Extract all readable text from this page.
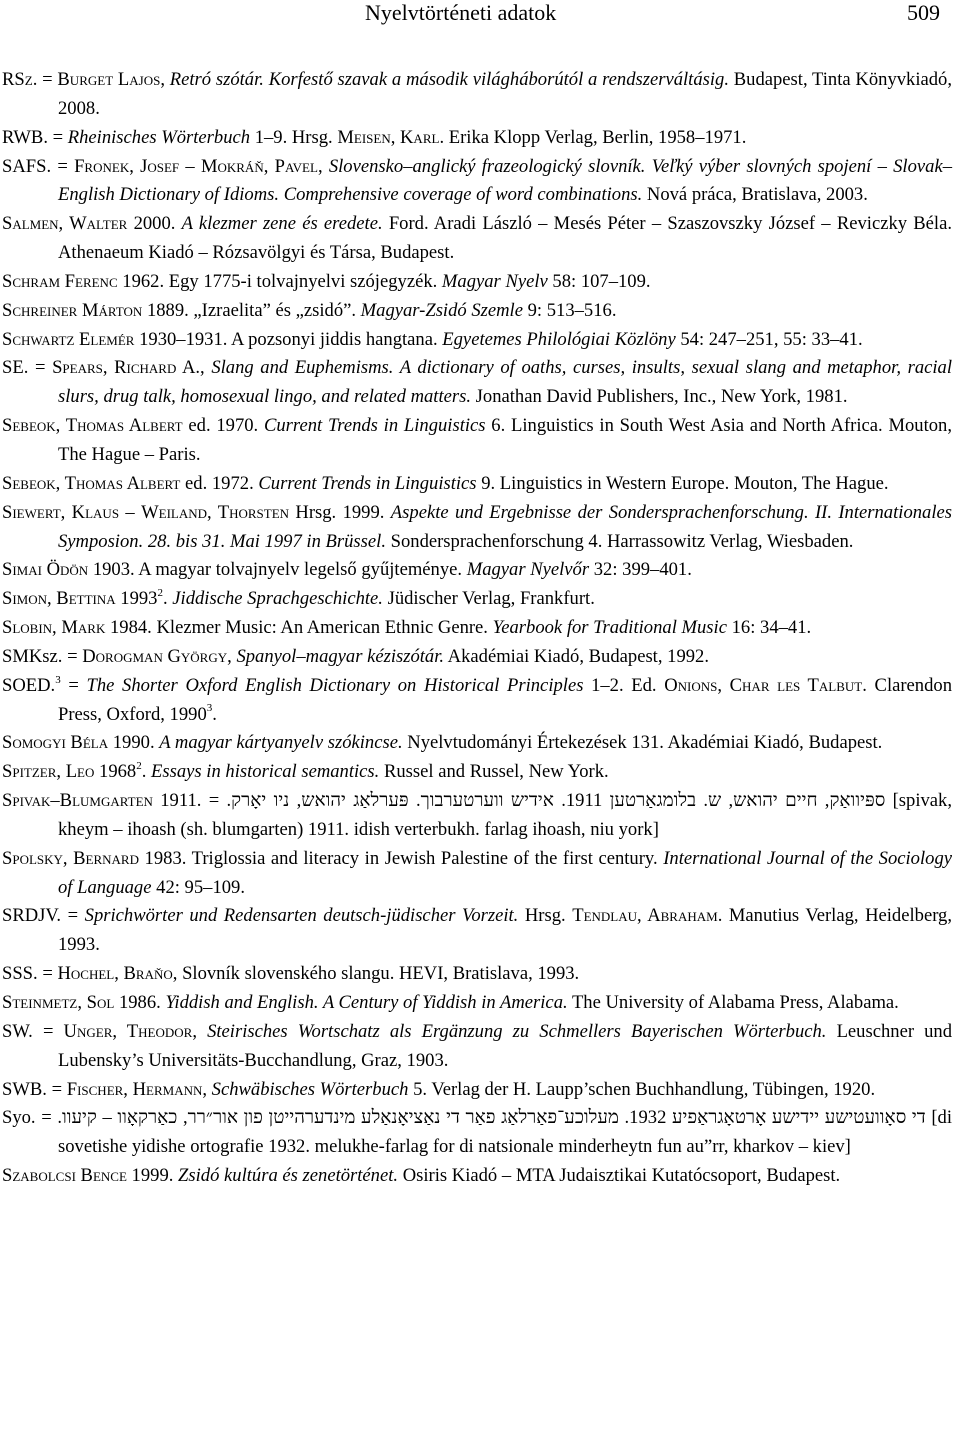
Nyelvtörténeti adatok	509
RSz. = Burget Lajos, Retró szótár. Korfestő szavak a második világháborútól a rendszerváltásig. Budapest, Tinta Könyvkiadó, 2008.
RWB. = Rheinisches Wörterbuch 1–9. Hrsg. Meisen, Karl. Erika Klopp Verlag, Berlin, 1958–1971.
SAFS. = Fronek, Josef – Mokráň, Pavel, Slovensko–anglický frazeologický slovník. Veľký výber slovných spojení – Slovak–English Dictionary of Idioms. Comprehensive coverage of word combinations. Nová práca, Bratislava, 2003.
Salmen, Walter 2000. A klezmer zene és eredete. Ford. Aradi László – Mesés Péter – Szaszovszky József – Reviczky Béla. Athenaeum Kiadó – Rózsavölgyi és Társa, Budapest.
Schram Ferenc 1962. Egy 1775-i tolvajnyelvi szójegyzék. Magyar Nyelv 58: 107–109.
Schreiner Márton 1889. „Izraelita” és „zsidó”. Magyar-Zsidó Szemle 9: 513–516.
Schwartz Elemér 1930–1931. A pozsonyi jiddis hangtana. Egyetemes Philológiai Közlöny 54: 247–251, 55: 33–41.
SE. = Spears, Richard A., Slang and Euphemisms. A dictionary of oaths, curses, insults, sexual slang and metaphor, racial slurs, drug talk, homosexual lingo, and related matters. Jonathan David Publishers, Inc., New York, 1981.
Sebeok, Thomas Albert ed. 1970. Current Trends in Linguistics 6. Linguistics in South West Asia and North Africa. Mouton, The Hague – Paris.
Sebeok, Thomas Albert ed. 1972. Current Trends in Linguistics 9. Linguistics in Western Europe. Mouton, The Hague.
Siewert, Klaus – Weiland, Thorsten Hrsg. 1999. Aspekte und Ergebnisse der Sondersprachenforschung. II. Internationales Symposion. 28. bis 31. Mai 1997 in Brüssel. Sondersprachenforschung 4. Harrassowitz Verlag, Wiesbaden.
Simai Ödön 1903. A magyar tolvajnyelv legelső gyűjteménye. Magyar Nyelvőr 32: 399–401.
Simon, Bettina 1993$^2$. Jiddische Sprachgeschichte. Jüdischer Verlag, Frankfurt.
Slobin, Mark 1984. Klezmer Music: An American Ethnic Genre. Yearbook for Traditional Music 16: 34–41.
SMKsz. = Dorogman György, Spanyol–magyar kéziszótár. Akadémiai Kiadó, Budapest, 1992.
SOED.$^3$ = The Shorter Oxford English Dictionary on Historical Principles 1–2. Ed. Onions, Char les Talbut. Clarendon Press, Oxford, 1990$^3$.
Somogyi Béla 1990. A magyar kártyanyelv szókincse. Nyelvtudományi Értekezések 131. Akadémiai Kiadó, Budapest.
Spitzer, Leo 1968$^2$. Essays in historical semantics. Russel and Russel, New York.
Spivak–Blumgarten 1911. = ספּיוואַק, חיים יהואש, ש. בלומגאַרטען 1911. אידיש ווערטערבוך. פּערלאַג יהואש, ניו יאָרק. [spivak, kheym – ihoash (sh. blumgarten) 1911. idish verterbukh. farlag ihoash, niu york]
Spolsky, Bernard 1983. Triglossia and literacy in Jewish Palestine of the first century. International Journal of the Sociology of Language 42: 95–109.
SRDJV. = Sprichwörter und Redensarten deutsch-jüdischer Vorzeit. Hrsg. Tendlau, Abraham. Manutius Verlag, Heidelberg, 1993.
SSS. = Hochel, Braňo, Slovník slovenského slangu. HEVI, Bratislava, 1993.
Steinmetz, Sol 1986. Yiddish and English. A Century of Yiddish in America. The University of Alabama Press, Alabama.
SW. = Unger, Theodor, Steirisches Wortschatz als Ergänzung zu Schmellers Bayerischen Wörterbuch. Leuschner und Lubensky’s Universitäts-Bucchandlung, Graz, 1903.
SWB. = Fischer, Hermann, Schwäbisches Wörterbuch 5. Verlag der H. Laupp’schen Buchhandlung, Tübingen, 1920.
Syo. = די סאָוועטישע יידישע אָרטאָגראַפיע 1932. מעלוכע־פאַרלאַג פאַר די נאַציאָנאַלע מינדערהייטן פון אור״רר, כאַרקאָוו – קיעוו. [di sovetishe yidishe ortografie 1932. melukhe-farlag for di natsionale minderheytn fun au”rr, kharkov – kiev]
Szabolcsi Bence 1999. Zsidó kultúra és zenetörténet. Osiris Kiadó – MTA Judaisztikai Kutatócsoport, Budapest.
